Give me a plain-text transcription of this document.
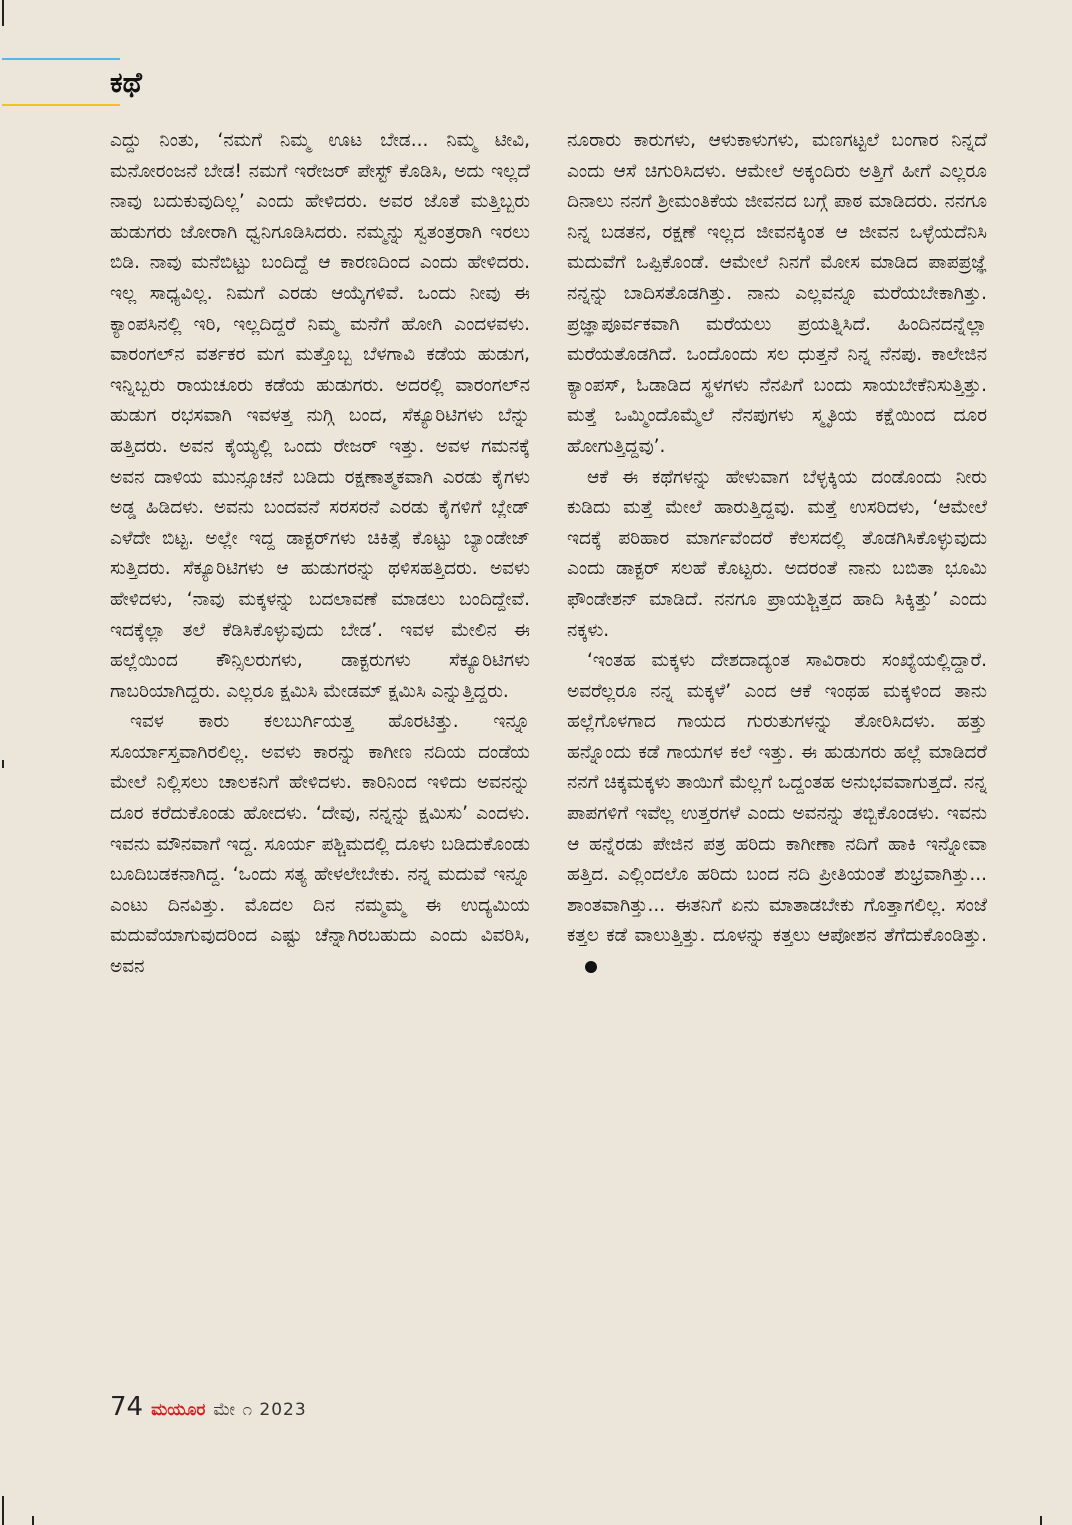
ಕಥೆ

ಎದ್ದು ನಿಂತು, ‘ನಮಗೆ ನಿಮ್ಮ ಊಟ ಬೇಡ... ನಿಮ್ಮ ಟೀವಿ, ಮನೋರಂಜನೆ ಬೇಡ! ನಮಗೆ ಇರೇಜರ್ ಪೇಸ್ಟ್ ಕೊಡಿಸಿ, ಅದು ಇಲ್ಲದೆ ನಾವು ಬದುಕುವುದಿಲ್ಲ’ ಎಂದು ಹೇಳಿದರು. ಅವರ ಜೊತೆ ಮತ್ತಿಬ್ಬರು ಹುಡುಗರು ಜೋರಾಗಿ ಧ್ವನಿಗೂಡಿಸಿದರು. ನಮ್ಮನ್ನು ಸ್ವತಂತ್ರರಾಗಿ ಇರಲು ಬಿಡಿ. ನಾವು ಮನೆಬಿಟ್ಟು ಬಂದಿದ್ದೆ ಆ ಕಾರಣದಿಂದ ಎಂದು ಹೇಳಿದರು. ಇಲ್ಲ ಸಾಧ್ಯವಿಲ್ಲ. ನಿಮಗೆ ಎರಡು ಆಯ್ಕೆಗಳಿವೆ. ಒಂದು ನೀವು ಈ ಕ್ಯಾಂಪಸಿನಲ್ಲಿ ಇರಿ, ಇಲ್ಲದಿದ್ದರೆ ನಿಮ್ಮ ಮನೆಗೆ ಹೋಗಿ ಎಂದಳವಳು. ವಾರಂಗಲ್‌ನ ವರ್ತಕರ ಮಗ ಮತ್ತೊಬ್ಬ ಬೆಳಗಾವಿ ಕಡೆಯ ಹುಡುಗ, ಇನ್ನಿಬ್ಬರು ರಾಯಚೂರು ಕಡೆಯ ಹುಡುಗರು. ಅದರಲ್ಲಿ ವಾರಂಗಲ್‌ನ ಹುಡುಗ ರಭಸವಾಗಿ ಇವಳತ್ತ ನುಗ್ಗಿ ಬಂದ, ಸೆಕ್ಯೂರಿಟಿಗಳು ಬೆನ್ನು ಹತ್ತಿದರು. ಅವನ ಕೈಯ್ಯಲ್ಲಿ ಒಂದು ರೇಜರ್ ಇತ್ತು. ಅವಳ ಗಮನಕ್ಕೆ ಅವನ ದಾಳಿಯ ಮುನ್ಸೂಚನೆ ಬಡಿದು ರಕ್ಷಣಾತ್ಮಕವಾಗಿ ಎರಡು ಕೈಗಳು ಅಡ್ಡ ಹಿಡಿದಳು. ಅವನು ಬಂದವನೆ ಸರಸರನೆ ಎರಡು ಕೈಗಳಿಗೆ ಬ್ಲೇಡ್ ಎಳೆದೇ ಬಿಟ್ಟ. ಅಲ್ಲೇ ಇದ್ದ ಡಾಕ್ಟರ್‌ಗಳು ಚಿಕಿತ್ಸೆ ಕೊಟ್ಟು ಬ್ಯಾಂಡೇಜ್ ಸುತ್ತಿದರು. ಸೆಕ್ಯೂರಿಟಿಗಳು ಆ ಹುಡುಗರನ್ನು ಥಳಿಸಹತ್ತಿದರು. ಅವಳು ಹೇಳಿದಳು, ‘ನಾವು ಮಕ್ಕಳನ್ನು ಬದಲಾವಣೆ ಮಾಡಲು ಬಂದಿದ್ದೇವೆ. ಇದಕ್ಕೆಲ್ಲಾ ತಲೆ ಕೆಡಿಸಿಕೊಳ್ಳುವುದು ಬೇಡ’. ಇವಳ ಮೇಲಿನ ಈ ಹಲ್ಲೆಯಿಂದ ಕೌನ್ಸಿಲರುಗಳು, ಡಾಕ್ಟರುಗಳು ಸೆಕ್ಯೂರಿಟಿಗಳು ಗಾಬರಿಯಾಗಿದ್ದರು. ಎಲ್ಲರೂ ಕ್ಷಮಿಸಿ ಮೇಡಮ್ ಕ್ಷಮಿಸಿ ಎನ್ನುತ್ತಿದ್ದರು.

ಇವಳ ಕಾರು ಕಲಬುರ್ಗಿಯತ್ತ ಹೊರಟಿತ್ತು. ಇನ್ನೂ ಸೂರ್ಯಾಸ್ತವಾಗಿರಲಿಲ್ಲ. ಅವಳು ಕಾರನ್ನು ಕಾಗೀಣ ನದಿಯ ದಂಡೆಯ ಮೇಲೆ ನಿಲ್ಲಿಸಲು ಚಾಲಕನಿಗೆ ಹೇಳಿದಳು. ಕಾರಿನಿಂದ ಇಳಿದು ಅವನನ್ನು ದೂರ ಕರೆದುಕೊಂಡು ಹೋದಳು. ‘ದೇವು, ನನ್ನನ್ನು ಕ್ಷಮಿಸು’ ಎಂದಳು. ಇವನು ಮೌನವಾಗೆ ಇದ್ದ. ಸೂರ್ಯ ಪಶ್ಚಿಮದಲ್ಲಿ ದೂಳು ಬಡಿದುಕೊಂಡು ಬೂದಿಬಡಕನಾಗಿದ್ದ. ‘ಒಂದು ಸತ್ಯ ಹೇಳಲೇಬೇಕು. ನನ್ನ ಮದುವೆ ಇನ್ನೂ ಎಂಟು ದಿನವಿತ್ತು. ಮೊದಲ ದಿನ ನಮ್ಮಮ್ಮ ಈ ಉದ್ಯಮಿಯ ಮದುವೆಯಾಗುವುದರಿಂದ ಎಷ್ಟು ಚೆನ್ನಾಗಿರಬಹುದು ಎಂದು ವಿವರಿಸಿ, ಅವನ

ನೂರಾರು ಕಾರುಗಳು, ಆಳುಕಾಳುಗಳು, ಮಣಗಟ್ಟಲೆ ಬಂಗಾರ ನಿನ್ನದೆ ಎಂದು ಆಸೆ ಚಿಗುರಿಸಿದಳು. ಆಮೇಲೆ ಅಕ್ಕಂದಿರು ಅತ್ತಿಗೆ ಹೀಗೆ ಎಲ್ಲರೂ ದಿನಾಲು ನನಗೆ ಶ್ರೀಮಂತಿಕೆಯ ಜೀವನದ ಬಗ್ಗೆ ಪಾಠ ಮಾಡಿದರು. ನನಗೂ ನಿನ್ನ ಬಡತನ, ರಕ್ಷಣೆ ಇಲ್ಲದ ಜೀವನಕ್ಕಿಂತ ಆ ಜೀವನ ಒಳ್ಳೆಯದೆನಿಸಿ ಮದುವೆಗೆ ಒಪ್ಪಿಕೊಂಡೆ. ಆಮೇಲೆ ನಿನಗೆ ಮೋಸ ಮಾಡಿದ ಪಾಪಪ್ರಜ್ಞೆ ನನ್ನನ್ನು ಬಾದಿಸತೊಡಗಿತ್ತು. ನಾನು ಎಲ್ಲವನ್ನೂ ಮರೆಯಬೇಕಾಗಿತ್ತು. ಪ್ರಜ್ಞಾಪೂರ್ವಕವಾಗಿ ಮರೆಯಲು ಪ್ರಯತ್ನಿಸಿದೆ. ಹಿಂದಿನದನ್ನೆಲ್ಲಾ ಮರೆಯತೊಡಗಿದೆ. ಒಂದೊಂದು ಸಲ ಧುತ್ತನೆ ನಿನ್ನ ನೆನಪು. ಕಾಲೇಜಿನ ಕ್ಯಾಂಪಸ್, ಓಡಾಡಿದ ಸ್ಥಳಗಳು ನೆನಪಿಗೆ ಬಂದು ಸಾಯಬೇಕೆನಿಸುತ್ತಿತ್ತು. ಮತ್ತೆ ಒಮ್ಮಿಂದೊಮ್ಮೆಲೆ ನೆನಪುಗಳು ಸ್ಮೃತಿಯ ಕಕ್ಷೆಯಿಂದ ದೂರ ಹೋಗುತ್ತಿದ್ದವು’.

ಆಕೆ ಈ ಕಥೆಗಳನ್ನು ಹೇಳುವಾಗ ಬೆಳ್ಳಕ್ಕಿಯ ದಂಡೊಂದು ನೀರು ಕುಡಿದು ಮತ್ತೆ ಮೇಲೆ ಹಾರುತ್ತಿದ್ದವು. ಮತ್ತೆ ಉಸರಿದಳು, ‘ಆಮೇಲೆ ಇದಕ್ಕೆ ಪರಿಹಾರ ಮಾರ್ಗವೆಂದರೆ ಕೆಲಸದಲ್ಲಿ ತೊಡಗಿಸಿಕೊಳ್ಳುವುದು ಎಂದು ಡಾಕ್ಟರ್ ಸಲಹೆ ಕೊಟ್ಟರು. ಅದರಂತೆ ನಾನು ಬಬಿತಾ ಭೂಮಿ ಫೌಂಡೇಶನ್ ಮಾಡಿದೆ. ನನಗೂ ಪ್ರಾಯಶ್ಚಿತ್ತದ ಹಾದಿ ಸಿಕ್ಕಿತ್ತು’ ಎಂದು ನಕ್ಕಳು.

‘ಇಂತಹ ಮಕ್ಕಳು ದೇಶದಾದ್ಯಂತ ಸಾವಿರಾರು ಸಂಖ್ಯೆಯಲ್ಲಿದ್ದಾರೆ. ಅವರೆಲ್ಲರೂ ನನ್ನ ಮಕ್ಕಳೆ’ ಎಂದ ಆಕೆ ಇಂಥಹ ಮಕ್ಕಳಿಂದ ತಾನು ಹಲ್ಲೆಗೊಳಗಾದ ಗಾಯದ ಗುರುತುಗಳನ್ನು ತೋರಿಸಿದಳು. ಹತ್ತು ಹನ್ನೊಂದು ಕಡೆ ಗಾಯಗಳ ಕಲೆ ಇತ್ತು. ಈ ಹುಡುಗರು ಹಲ್ಲೆ ಮಾಡಿದರೆ ನನಗೆ ಚಿಕ್ಕಮಕ್ಕಳು ತಾಯಿಗೆ ಮೆಲ್ಲಗೆ ಒದ್ದಂತಹ ಅನುಭವವಾಗುತ್ತದೆ. ನನ್ನ ಪಾಪಗಳಿಗೆ ಇವೆಲ್ಲ ಉತ್ತರಗಳೆ ಎಂದು ಅವನನ್ನು ತಬ್ಬಿಕೊಂಡಳು. ಇವನು ಆ ಹನ್ನೆರಡು ಪೇಜಿನ ಪತ್ರ ಹರಿದು ಕಾಗೀಣಾ ನದಿಗೆ ಹಾಕಿ ಇನ್ನೋವಾ ಹತ್ತಿದ. ಎಲ್ಲಿಂದಲೊ ಹರಿದು ಬಂದ ನದಿ ಪ್ರೀತಿಯಂತೆ ಶುಭ್ರವಾಗಿತ್ತು... ಶಾಂತವಾಗಿತ್ತು... ಈತನಿಗೆ ಏನು ಮಾತಾಡಬೇಕು ಗೊತ್ತಾಗಲಿಲ್ಲ. ಸಂಜೆ ಕತ್ತಲ ಕಡೆ ವಾಲುತ್ತಿತ್ತು. ದೂಳನ್ನು ಕತ್ತಲು ಆಪೋಶನ ತೆಗೆದುಕೊಂಡಿತ್ತು.

74 ಮಯೂರ ಮೇ ೧ 2023
